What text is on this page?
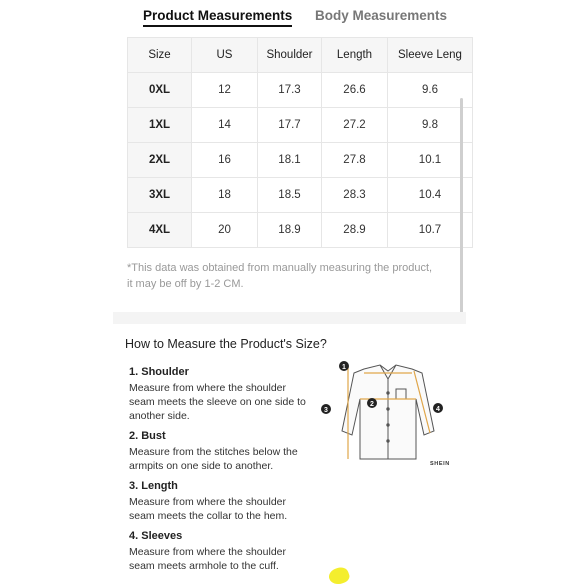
Product Measurements Body Measurements
Size	US	Shoulder	Length	Sleeve Leng
0XL	12	17.3	26.6	9.6
1XL	14	17.7	27.2	9.8
2XL	16	18.1	27.8	10.1
3XL	18	18.5	28.3	10.4
4XL	20	18.9	28.9	10.7
*This data was obtained from manually measuring the product, it may be off by 1-2 CM.
How to Measure the Product's Size?
1. Shoulder
Measure from where the shoulder seam meets the sleeve on one side to another side.
2. Bust
Measure from the stitches below the armpits on one side to another.
3. Length
Measure from where the shoulder seam meets the collar to the hem.
4. Sleeves
Measure from where the shoulder seam meets armhole to the cuff.
1
2
3	4
SHEIN
